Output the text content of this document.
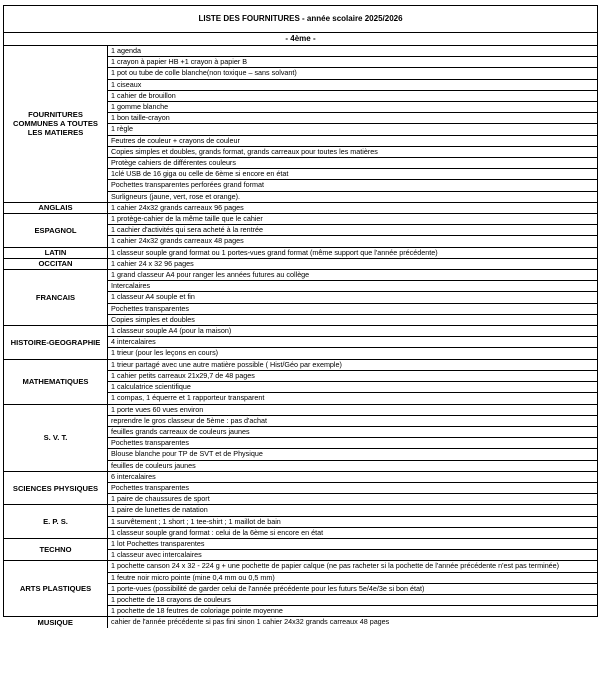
LISTE DES FOURNITURES - année scolaire 2025/2026	
- 4ème -	
FOURNITURES COMMUNES A TOUTES LES MATIERES	1 agenda
	1 crayon à papier HB +1 crayon à papier B
	1 pot ou tube de colle blanche(non toxique – sans solvant)
	1 ciseaux
	1 cahier de brouillon
	1 gomme blanche
	1 bon taille-crayon
	1 règle
	Feutres de couleur + crayons de couleur
	Copies simples et doubles, grands format, grands carreaux pour toutes les matières
	Protège cahiers de différentes couleurs
	1clé USB de 16 giga ou celle de 6ème si encore en état
	Pochettes transparentes perforées grand format
	Surligneurs (jaune, vert, rose et orange).
ANGLAIS	1 cahier 24x32 grands carreaux 96 pages
ESPAGNOL	1 protège-cahier de la même taille que le cahier
	1 cachier d'activités qui sera acheté à la rentrée
	1 cahier 24x32 grands carreaux 48 pages
LATIN	1 classeur souple grand format ou 1 portes-vues grand format (même support que l'année précédente)
OCCITAN	1 cahier 24 x 32 96 pages
FRANCAIS	1 grand classeur A4 pour ranger les années futures au collège
	Intercalaires
	1 classeur A4 souple et fin
	Pochettes transparentes
	Copies simples et doubles
HISTOIRE-GEOGRAPHIE	1 classeur souple A4 (pour la maison)
	4 intercalaires
	1 trieur (pour les leçons en cours)
MATHEMATIQUES	1 trieur partagé avec une autre matière possible ( Hist/Géo par exemple)
	1 cahier petits carreaux 21x29,7 de 48 pages
	1 calculatrice scientifique
	1 compas, 1 équerre et 1 rapporteur transparent
S. V. T.	1 porte vues 60 vues environ
	reprendre le gros classeur de 5ème : pas d'achat
	feuilles grands carreaux de couleurs jaunes
	Pochettes transparentes
	Blouse blanche pour TP de SVT et de Physique
	feuilles de couleurs jaunes
SCIENCES PHYSIQUES	6 intercalaires
	Pochettes transparentes
	1 paire de chaussures de sport
E. P. S.	1 paire de lunettes de natation
	1 survêtement ; 1 short ; 1 tee-shirt ; 1 maillot de bain
	1 classeur souple grand format : celui de la 6ème si encore en état
TECHNO	1 lot Pochettes transparentes
	1 classeur avec intercalaires
ARTS PLASTIQUES	1 pochette canson 24 x 32 - 224 g + une pochette de papier calque (ne pas racheter si la pochette de l'année précédente n'est pas terminée)
	1 feutre noir micro pointe (mine 0,4 mm ou 0,5 mm)
	1 porte-vues (possibilité de garder celui de l'année précédente pour les futurs 5e/4e/3e si bon état)
	1 pochette de 18 crayons de couleurs
	1 pochette de 18 feutres de coloriage pointe moyenne
MUSIQUE	cahier de l'année précédente si pas fini sinon 1 cahier 24x32 grands carreaux 48 pages
